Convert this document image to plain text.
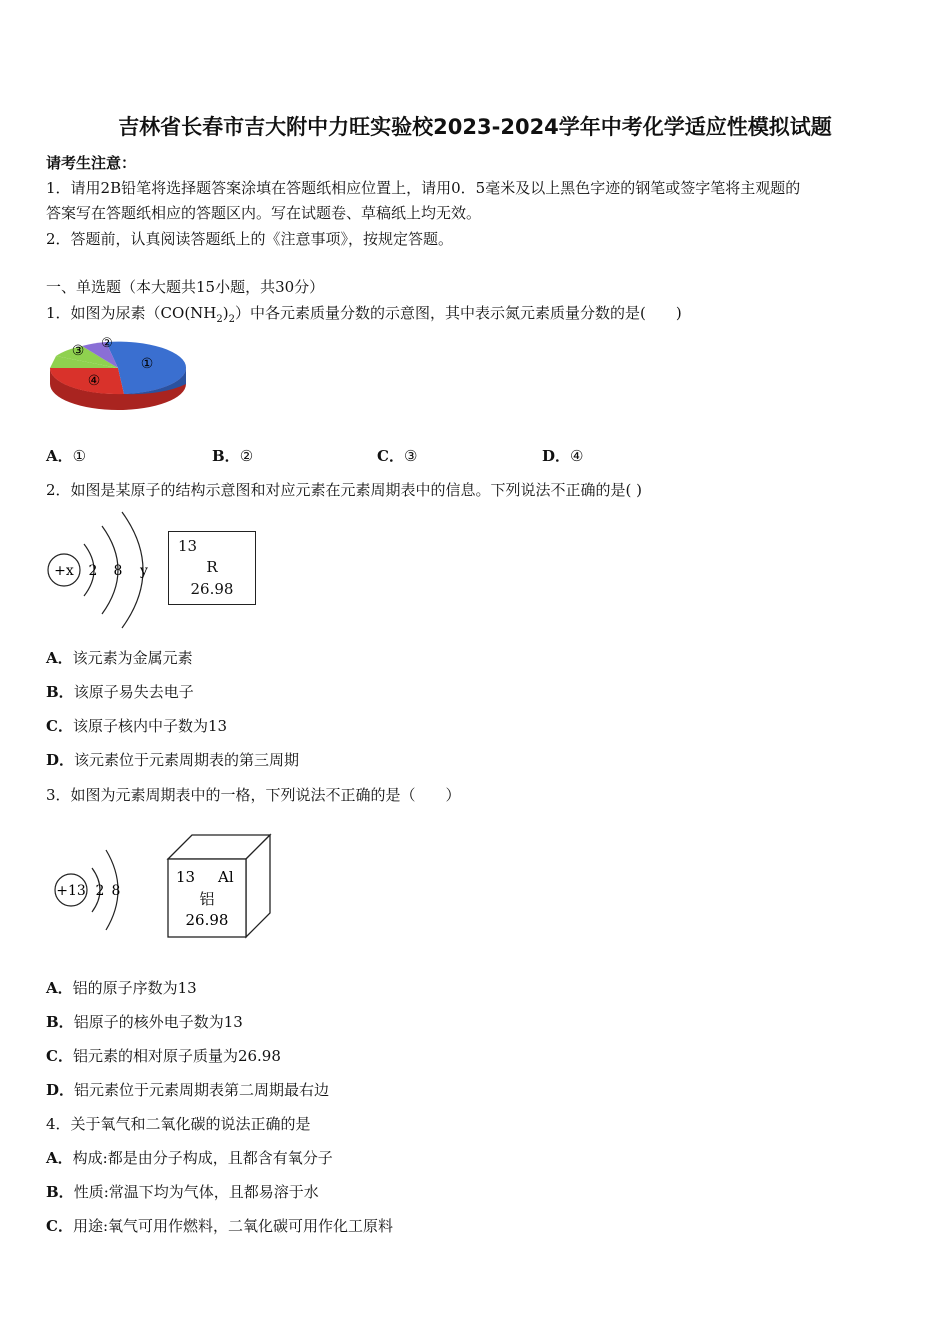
吉林省长春市吉大附中力旺实验校2023-2024学年中考化学适应性模拟试题
请考生注意：
1．请用2B铅笔将选择题答案涂填在答题纸相应位置上，请用0．5毫米及以上黑色字迹的钢笔或签字笔将主观题的
答案写在答题纸相应的答题区内。写在试题卷、草稿纸上均无效。
2．答题前，认真阅读答题纸上的《注意事项》，按规定答题。
一、单选题（本大题共15小题，共30分）
1．如图为尿素$(CO(NH_2)_2)$中各元素质量分数的示意图，其中表示氮元素质量分数的是(　　)
①
②
③
④
A．①	B．②	C．③	D．④
2．如图是某原子的结构示意图和对应元素在元素周期表中的信息。下列说法不正确的是( )
+x 2 8 y
13
R
26.98
A．该元素为金属元素
B．该原子易失去电子
C．该原子核内中子数为13
D．该元素位于元素周期表的第三周期
3．如图为元素周期表中的一格，下列说法不正确的是（　　）
+13 2 8
13 Al
铝
26.98
A．铝的原子序数为13
B．铝原子的核外电子数为13
C．铝元素的相对原子质量为26.98
D．铝元素位于元素周期表第二周期最右边
4．关于氧气和二氧化碳的说法正确的是
A．构成:都是由分子构成，且都含有氧分子
B．性质:常温下均为气体，且都易溶于水
C．用途:氧气可用作燃料，二氧化碳可用作化工原料
